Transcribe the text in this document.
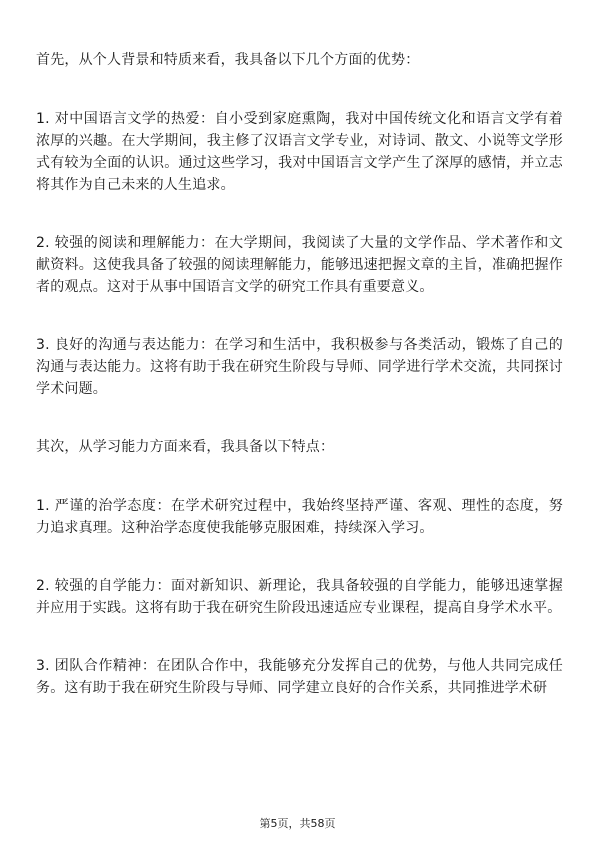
首先，从个人背景和特质来看，我具备以下几个方面的优势：

1. 对中国语言文学的热爱：自小受到家庭熏陶，我对中国传统文化和语言文学有着浓厚的兴趣。在大学期间，我主修了汉语言文学专业，对诗词、散文、小说等文学形式有较为全面的认识。通过这些学习，我对中国语言文学产生了深厚的感情，并立志将其作为自己未来的人生追求。

2. 较强的阅读和理解能力：在大学期间，我阅读了大量的文学作品、学术著作和文献资料。这使我具备了较强的阅读理解能力，能够迅速把握文章的主旨，准确把握作者的观点。这对于从事中国语言文学的研究工作具有重要意义。

3. 良好的沟通与表达能力：在学习和生活中，我积极参与各类活动，锻炼了自己的沟通与表达能力。这将有助于我在研究生阶段与导师、同学进行学术交流，共同探讨学术问题。

其次，从学习能力方面来看，我具备以下特点：

1. 严谨的治学态度：在学术研究过程中，我始终坚持严谨、客观、理性的态度，努力追求真理。这种治学态度使我能够克服困难，持续深入学习。

2. 较强的自学能力：面对新知识、新理论，我具备较强的自学能力，能够迅速掌握并应用于实践。这将有助于我在研究生阶段迅速适应专业课程，提高自身学术水平。

3. 团队合作精神：在团队合作中，我能够充分发挥自己的优势，与他人共同完成任务。这有助于我在研究生阶段与导师、同学建立良好的合作关系，共同推进学术研

第5页，共58页
